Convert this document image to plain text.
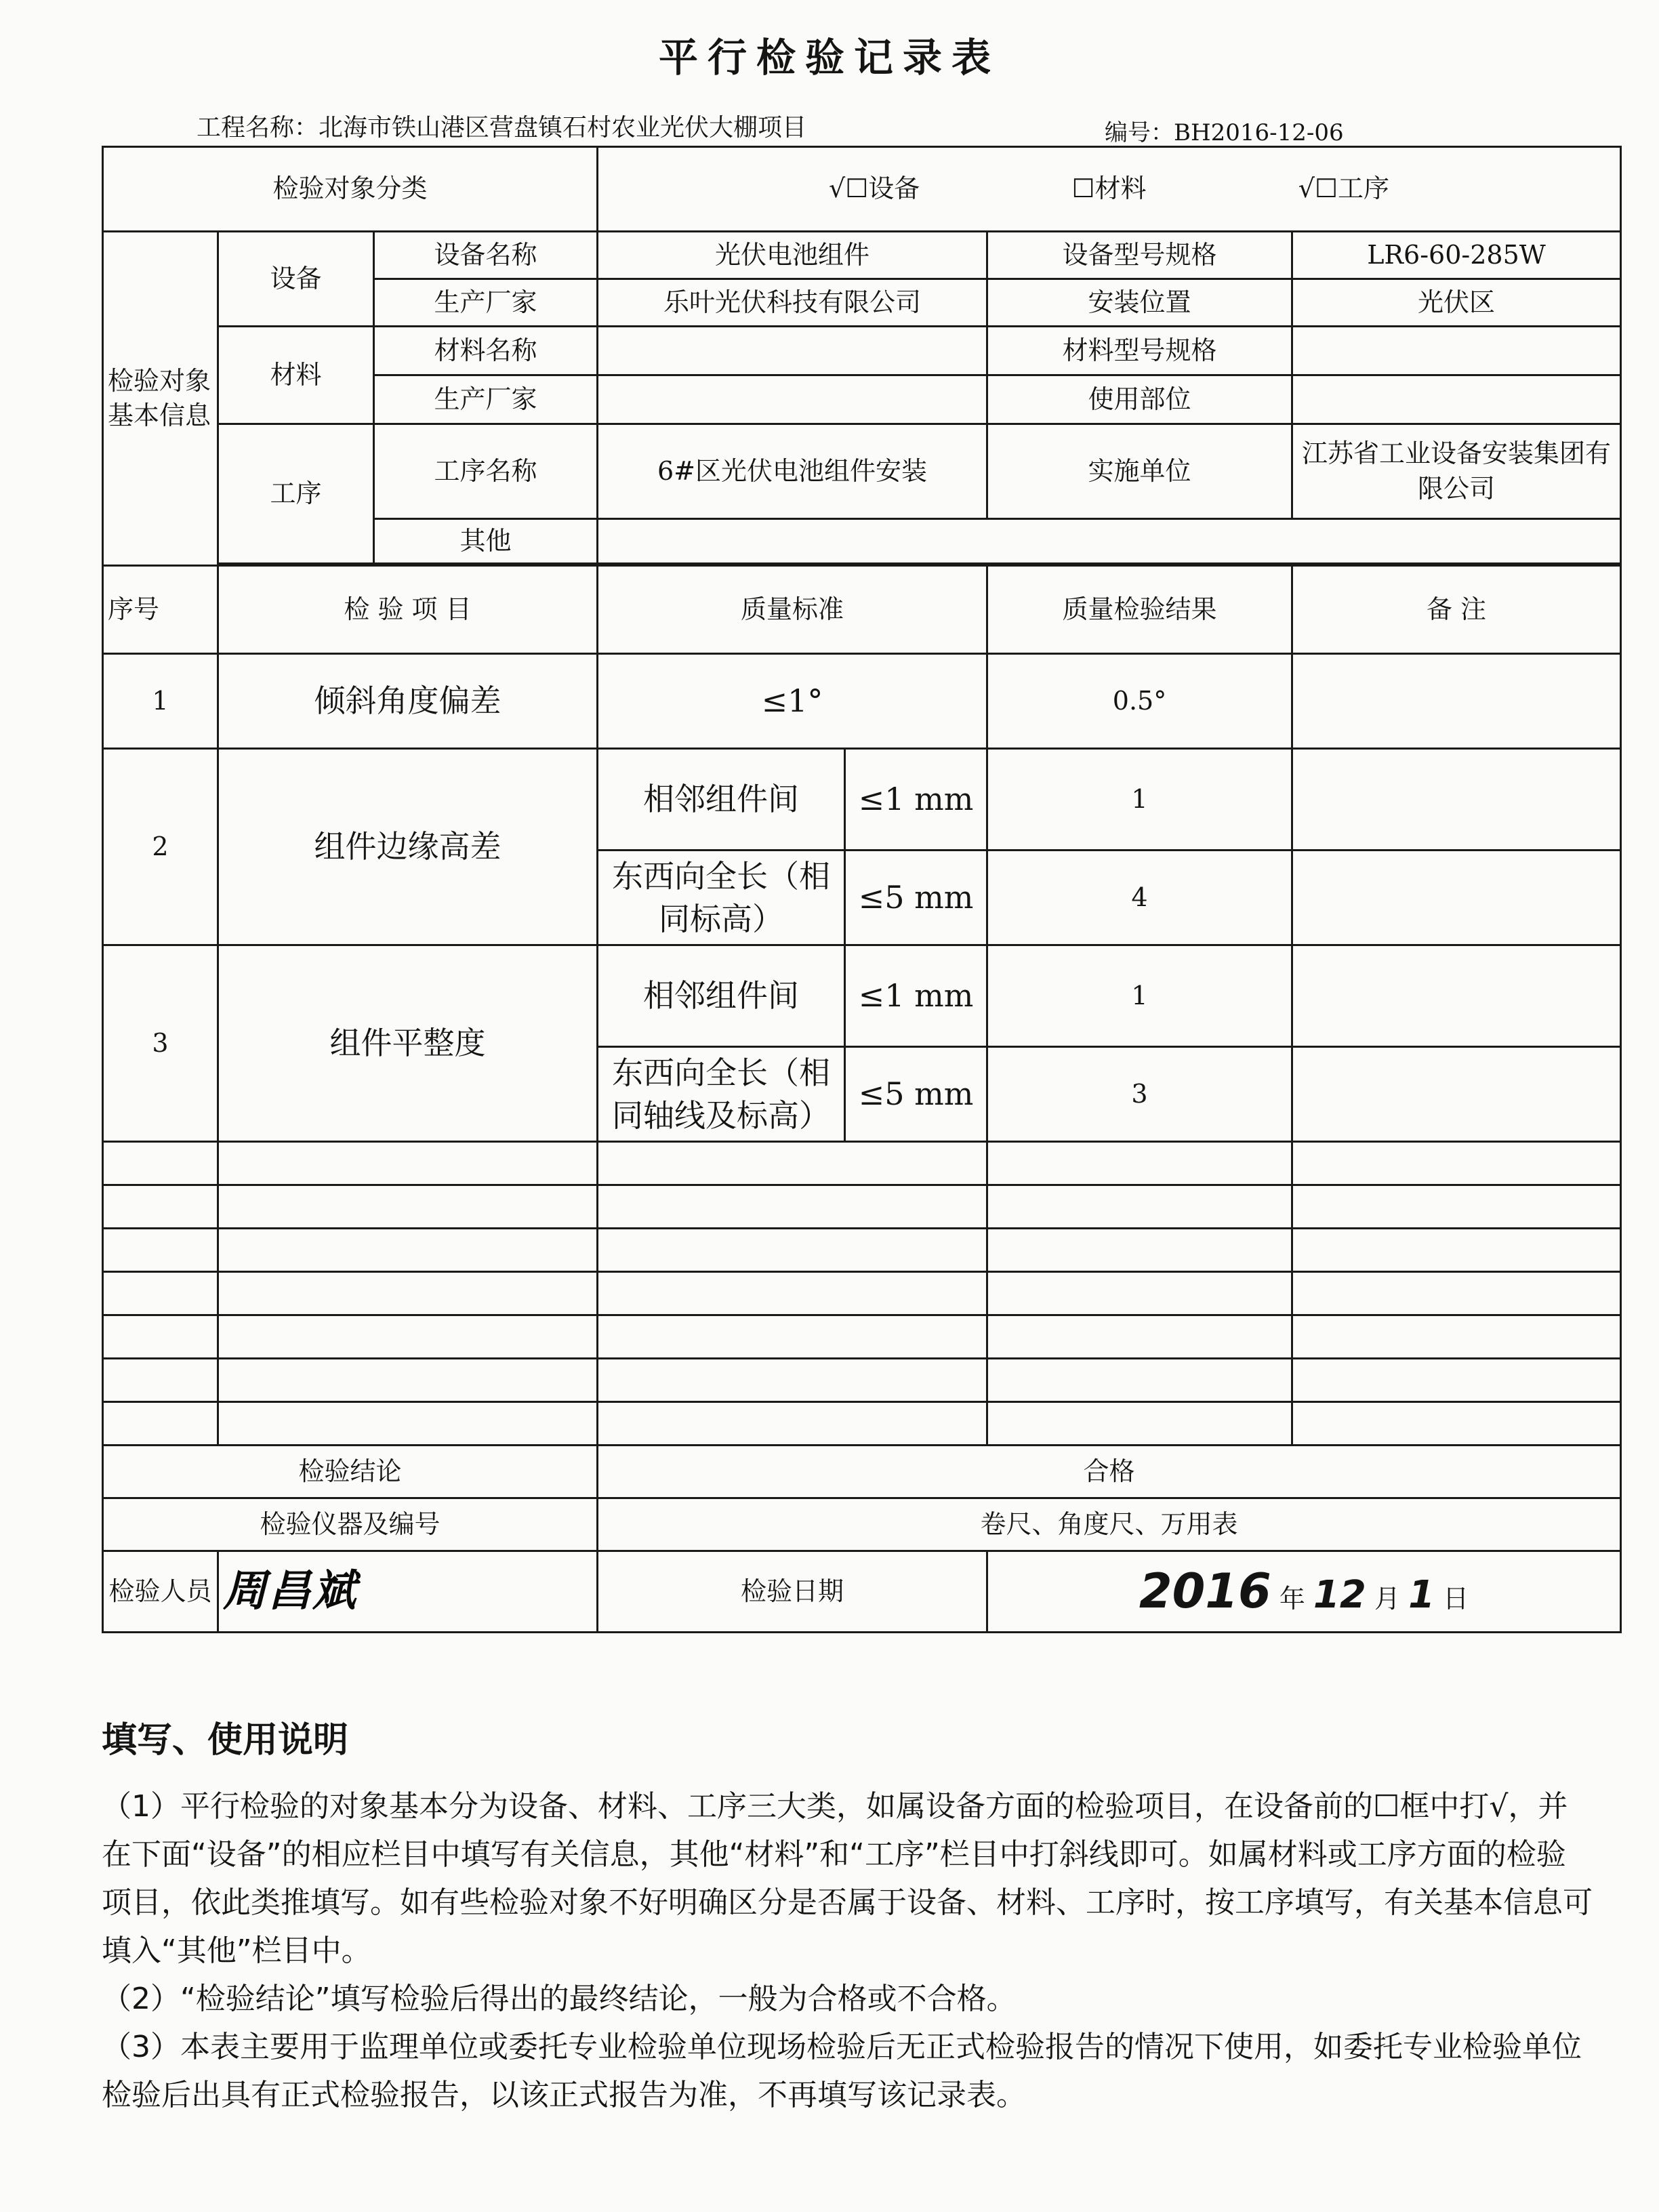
平行检验记录表
工程名称：北海市铁山港区营盘镇石村农业光伏大棚项目	编号：BH2016-12-06
检验对象分类			√☐设备 ☐材料 √☐工序			
检验对象基本信息	设备	设备名称	光伏电池组件		设备型号规格	LR6-60-285W
		生产厂家	乐叶光伏科技有限公司		安装位置	光伏区
	材料	材料名称			材料型号规格	
		生产厂家			使用部位	
	工序	工序名称	6#区光伏电池组件安装		实施单位	江苏省工业设备安装集团有限公司
		其他				

序号	检 验 项 目		质量标准		质量检验结果	备 注
1	倾斜角度偏差		≤1°		0.5°	
2	组件边缘高差		相邻组件间	≤1 mm	1	
			东西向全长（相同标高）	≤5 mm	4	
3	组件平整度		相邻组件间	≤1 mm	1	
			东西向全长（相同轴线及标高）	≤5 mm	3	

检验结论			合格			
检验仪器及编号			卷尺、角度尺、万用表			
检验人员	周昌斌		检验日期		2016 年 12 月 1 日	
填写、使用说明

（1）平行检验的对象基本分为设备、材料、工序三大类，如属设备方面的检验项目，在设备前的☐框中打√，并在下面“设备”的相应栏目中填写有关信息，其他“材料”和“工序”栏目中打斜线即可。如属材料或工序方面的检验项目，依此类推填写。如有些检验对象不好明确区分是否属于设备、材料、工序时，按工序填写，有关基本信息可填入“其他”栏目中。

（2）“检验结论”填写检验后得出的最终结论，一般为合格或不合格。

（3）本表主要用于监理单位或委托专业检验单位现场检验后无正式检验报告的情况下使用，如委托专业检验单位检验后出具有正式检验报告，以该正式报告为准，不再填写该记录表。
